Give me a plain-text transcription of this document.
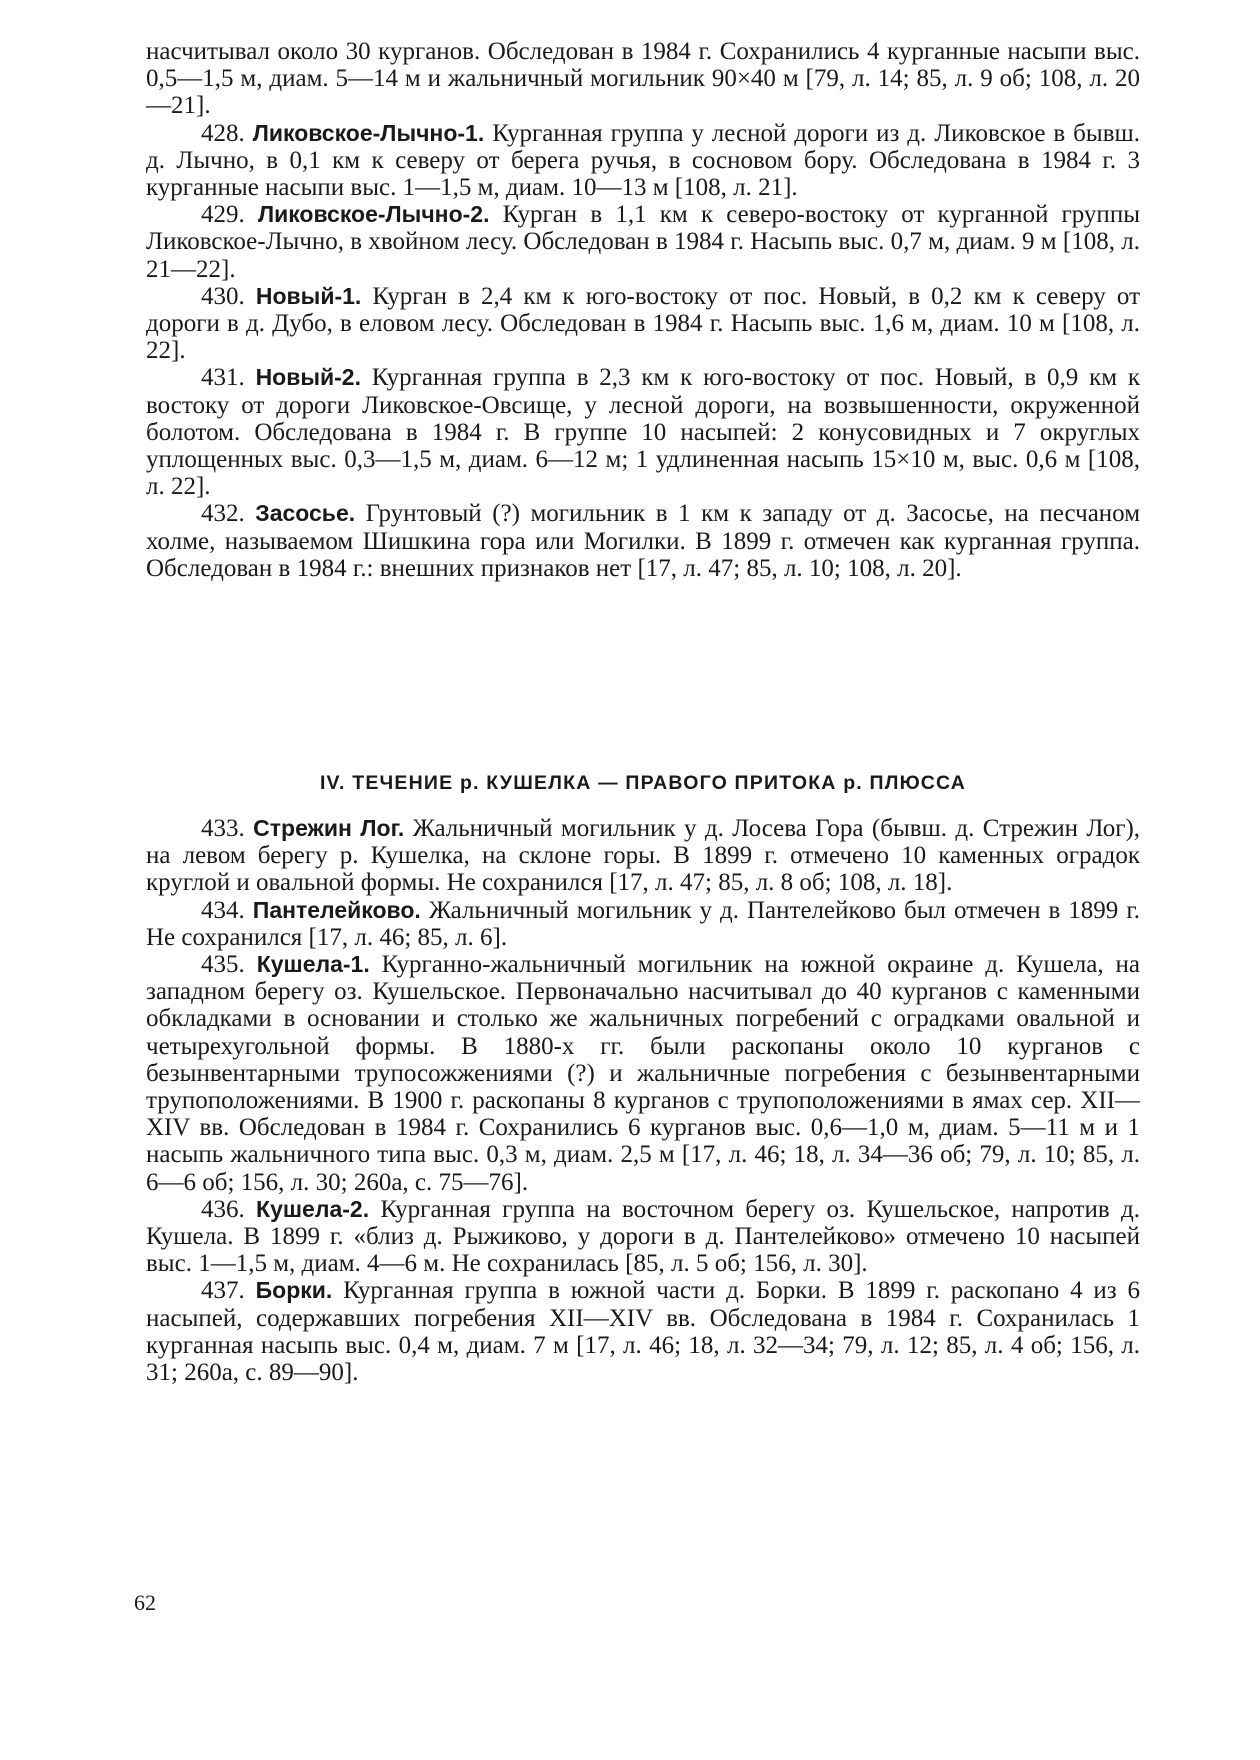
насчитывал около 30 курганов. Обследован в 1984 г. Сохранились 4 курганные насыпи выс. 0,5—1,5 м, диам. 5—14 м и жальничный могильник 90×40 м [79, л. 14; 85, л. 9 об; 108, л. 20—21].

428. Ликовское-Лычно-1. Курганная группа у лесной дороги из д. Ликовское в бывш. д. Лычно, в 0,1 км к северу от берега ручья, в сосновом бору. Обследована в 1984 г. 3 курганные насыпи выс. 1—1,5 м, диам. 10—13 м [108, л. 21].

429. Ликовское-Лычно-2. Курган в 1,1 км к северо-востоку от курганной группы Ликовское-Лычно, в хвойном лесу. Обследован в 1984 г. Насыпь выс. 0,7 м, диам. 9 м [108, л. 21—22].

430. Новый-1. Курган в 2,4 км к юго-востоку от пос. Новый, в 0,2 км к северу от дороги в д. Дубо, в еловом лесу. Обследован в 1984 г. Насыпь выс. 1,6 м, диам. 10 м [108, л. 22].

431. Новый-2. Курганная группа в 2,3 км к юго-востоку от пос. Новый, в 0,9 км к востоку от дороги Ликовское-Овсище, у лесной дороги, на возвышенности, окруженной болотом. Обследована в 1984 г. В группе 10 насыпей: 2 конусовидных и 7 округлых уплощенных выс. 0,3—1,5 м, диам. 6—12 м; 1 удлиненная насыпь 15×10 м, выс. 0,6 м [108, л. 22].

432. Засосье. Грунтовый (?) могильник в 1 км к западу от д. Засосье, на песчаном холме, называемом Шишкина гора или Могилки. В 1899 г. отмечен как курганная группа. Обследован в 1984 г.: внешних признаков нет [17, л. 47; 85, л. 10; 108, л. 20].

IV. ТЕЧЕНИЕ р. КУШЕЛКА — ПРАВОГО ПРИТОКА р. ПЛЮССА

433. Стрежин Лог. Жальничный могильник у д. Лосева Гора (бывш. д. Стрежин Лог), на левом берегу р. Кушелка, на склоне горы. В 1899 г. отмечено 10 каменных оградок круглой и овальной формы. Не сохранился [17, л. 47; 85, л. 8 об; 108, л. 18].

434. Пантелейково. Жальничный могильник у д. Пантелейково был отмечен в 1899 г. Не сохранился [17, л. 46; 85, л. 6].

435. Кушела-1. Курганно-жальничный могильник на южной окраине д. Кушела, на западном берегу оз. Кушельское. Первоначально насчитывал до 40 курганов с каменными обкладками в основании и столько же жальничных погребений с оградками овальной и четырехугольной формы. В 1880-х гг. были раскопаны около 10 курганов с безынвентарными трупосожжениями (?) и жальничные погребения с безынвентарными трупоположениями. В 1900 г. раскопаны 8 курганов с трупоположениями в ямах сер. XII—XIV вв. Обследован в 1984 г. Сохранились 6 курганов выс. 0,6—1,0 м, диам. 5—11 м и 1 насыпь жальничного типа выс. 0,3 м, диам. 2,5 м [17, л. 46; 18, л. 34—36 об; 79, л. 10; 85, л. 6—6 об; 156, л. 30; 260а, с. 75—76].

436. Кушела-2. Курганная группа на восточном берегу оз. Кушельское, напротив д. Кушела. В 1899 г. «близ д. Рыжиково, у дороги в д. Пантелейково» отмечено 10 насыпей выс. 1—1,5 м, диам. 4—6 м. Не сохранилась [85, л. 5 об; 156, л. 30].

437. Борки. Курганная группа в южной части д. Борки. В 1899 г. раскопано 4 из 6 насыпей, содержавших погребения XII—XIV вв. Обследована в 1984 г. Сохранилась 1 курганная насыпь выс. 0,4 м, диам. 7 м [17, л. 46; 18, л. 32—34; 79, л. 12; 85, л. 4 об; 156, л. 31; 260а, с. 89—90].

62
